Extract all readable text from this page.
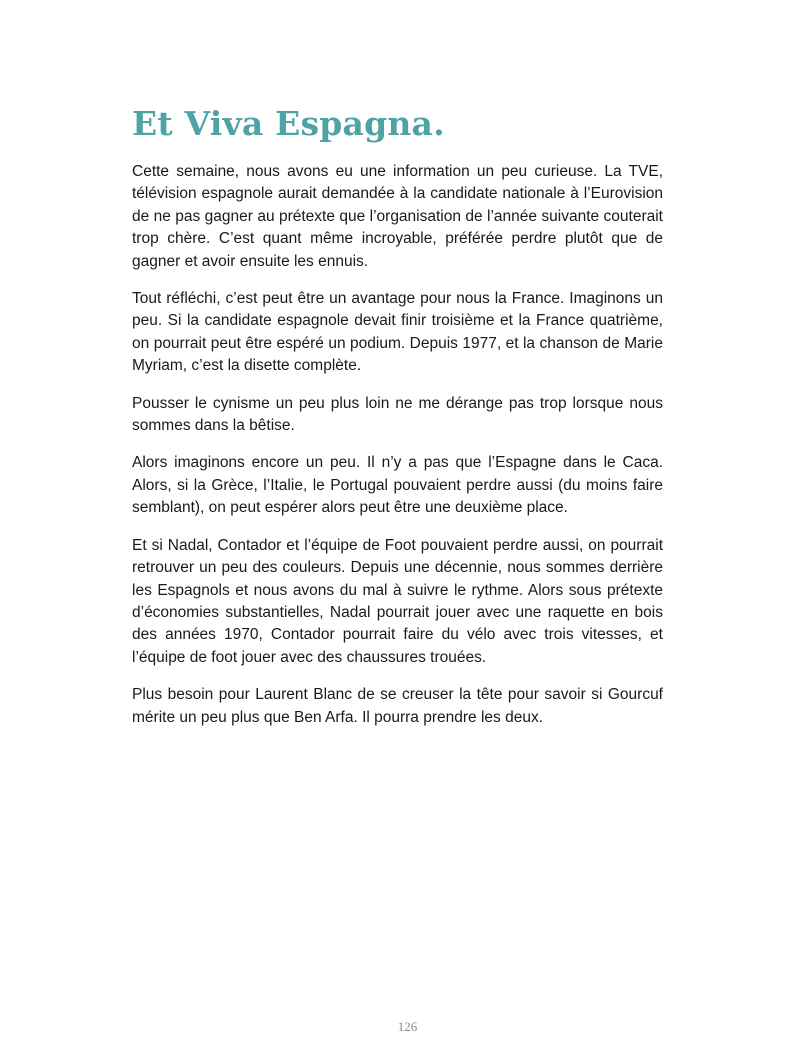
Et Viva Espagna.

Cette semaine, nous avons eu une information un peu curieuse. La TVE, télévision espagnole aurait demandée à la candidate nationale à l’Eurovision de ne pas gagner au prétexte que l’organisation de l’année suivante couterait trop chère. C’est quant même incroyable, préférée perdre plutôt que de gagner et avoir ensuite les ennuis.

Tout réfléchi, c’est peut être un avantage pour nous la France. Imaginons un peu. Si la candidate espagnole devait finir troisième et la France quatrième, on pourrait peut être espéré un podium. Depuis 1977, et la chanson de Marie Myriam, c’est la disette complète.

Pousser le cynisme un peu plus loin ne me dérange pas trop lorsque nous sommes dans la bêtise.

Alors imaginons encore un peu. Il n’y a pas que l’Espagne dans le Caca. Alors, si la Grèce, l’Italie, le Portugal pouvaient perdre aussi (du moins faire semblant), on peut espérer alors peut être une deuxième place.

Et si Nadal, Contador et l’équipe de Foot pouvaient perdre aussi, on pourrait retrouver un peu des couleurs. Depuis une décennie, nous sommes derrière les Espagnols et nous avons du mal à suivre le rythme. Alors sous prétexte d’économies substantielles, Nadal pourrait jouer avec une raquette en bois des années 1970, Contador pourrait faire du vélo avec trois vitesses, et l’équipe de foot jouer avec des chaussures trouées.

Plus besoin pour Laurent Blanc de se creuser la tête pour savoir si Gourcuf mérite un peu plus que Ben Arfa. Il pourra prendre les deux.

126
